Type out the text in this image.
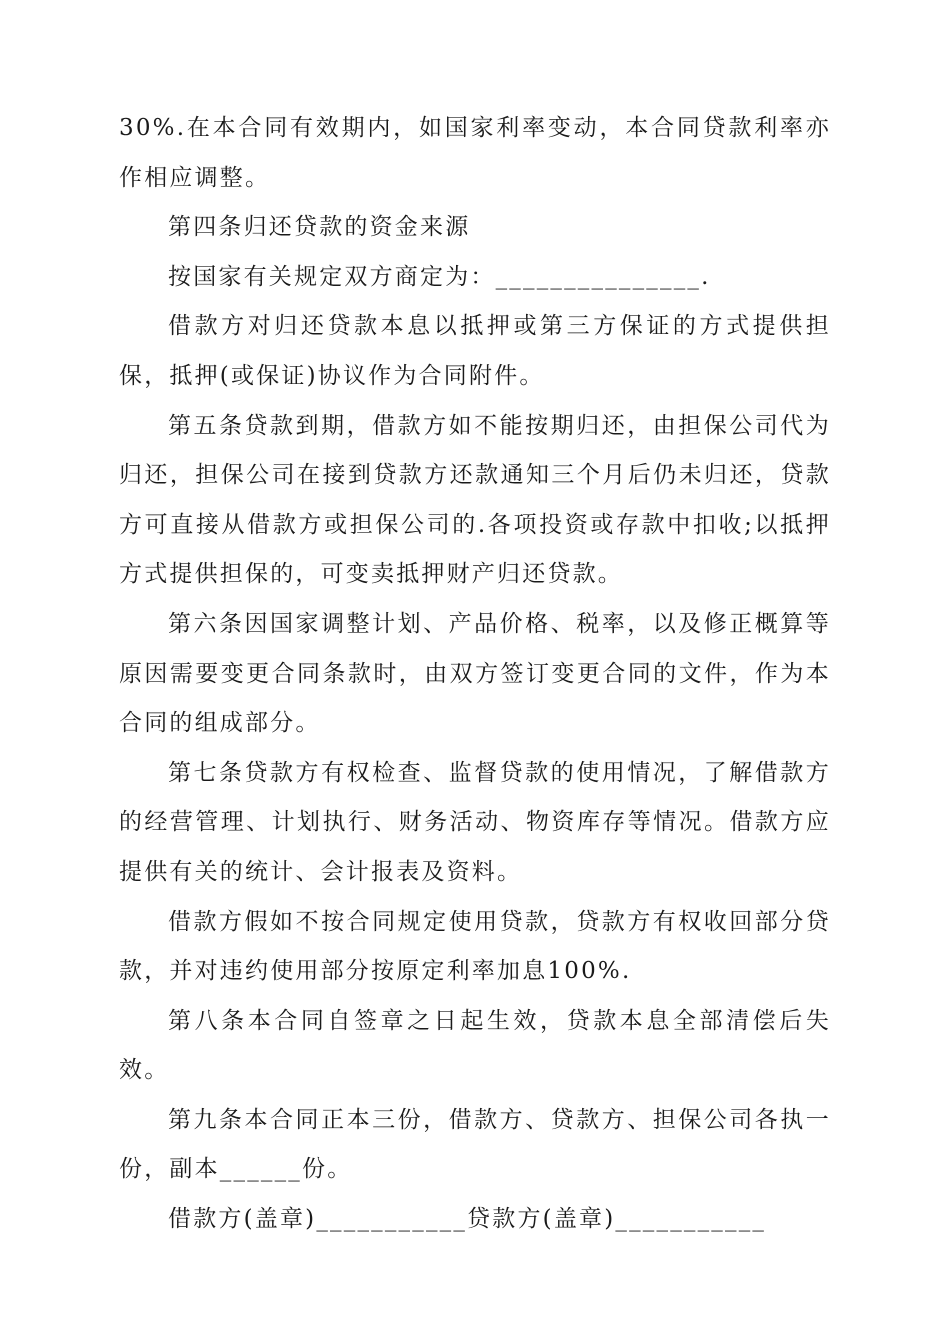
30%.在本合同有效期内，如国家利率变动，本合同贷款利率亦作相应调整。

第四条归还贷款的资金来源

按国家有关规定双方商定为：_______________.

借款方对归还贷款本息以抵押或第三方保证的方式提供担保，抵押(或保证)协议作为合同附件。

第五条贷款到期，借款方如不能按期归还，由担保公司代为归还，担保公司在接到贷款方还款通知三个月后仍未归还，贷款方可直接从借款方或担保公司的.各项投资或存款中扣收;以抵押方式提供担保的，可变卖抵押财产归还贷款。

第六条因国家调整计划、产品价格、税率，以及修正概算等原因需要变更合同条款时，由双方签订变更合同的文件，作为本合同的组成部分。

第七条贷款方有权检查、监督贷款的使用情况，了解借款方的经营管理、计划执行、财务活动、物资库存等情况。借款方应提供有关的统计、会计报表及资料。

借款方假如不按合同规定使用贷款，贷款方有权收回部分贷款，并对违约使用部分按原定利率加息100%.

第八条本合同自签章之日起生效，贷款本息全部清偿后失效。

第九条本合同正本三份，借款方、贷款方、担保公司各执一份，副本______份。

借款方(盖章)___________贷款方(盖章)___________
